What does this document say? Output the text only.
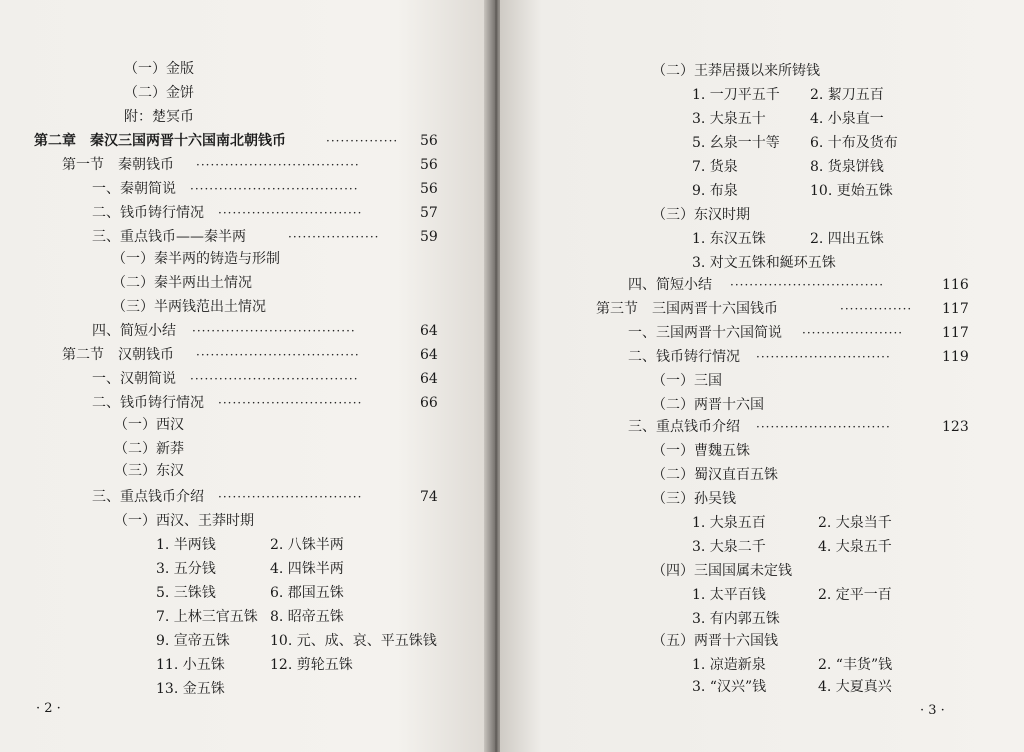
（一）金版
（二）金饼
附：楚冥币
第二章　秦汉三国两晋十六国南北朝钱币	···············	56
第一节　秦朝钱币 ··································	56
一、秦朝简说 ···································	56
二、钱币铸行情况 ······························	57
三、重点钱币——秦半两	···················	59
（一）秦半两的铸造与形制
（二）秦半两出土情况
（三）半两钱范出土情况
四、简短小结 ··································	64
第二节　汉朝钱币 ··································	64
一、汉朝简说 ···································	64
二、钱币铸行情况 ······························	66
（一）西汉
（二）新莽
（三）东汉
三、重点钱币介绍 ······························	74
（一）西汉、王莽时期
1. 半两钱	2. 八铢半两
3. 五分钱	4. 四铢半两
5. 三铢钱	6. 郡国五铢
7. 上林三官五铢 8. 昭帝五铢
9. 宣帝五铢	10. 元、成、哀、平五铢钱
11. 小五铢	12. 剪轮五铢
13. 金五铢
· 2 ·
（二）王莽居摄以来所铸钱
1. 一刀平五千 2. 絜刀五百
3. 大泉五十	4. 小泉直一
5. 幺泉一十等 6. 十布及货布
7. 货泉	8. 货泉饼钱
9. 布泉	10. 更始五铢
（三）东汉时期
1. 东汉五铢	2. 四出五铢
3. 对文五铢和綖环五铢
四、简短小结 ································	116
第三节　三国两晋十六国钱币	···············	117
一、三国两晋十六国简说 ·····················	117
二、钱币铸行情况 ····························	119
（一）三国
（二）两晋十六国
三、重点钱币介绍 ····························	123
（一）曹魏五铢
（二）蜀汉直百五铢
（三）孙吴钱
1. 大泉五百	2. 大泉当千
3. 大泉二千	4. 大泉五千
（四）三国国属未定钱
1. 太平百钱	2. 定平一百
3. 有内郭五铢
（五）两晋十六国钱
1. 凉造新泉	2. “丰货”钱
3. “汉兴”钱	4. 大夏真兴
· 3 ·
